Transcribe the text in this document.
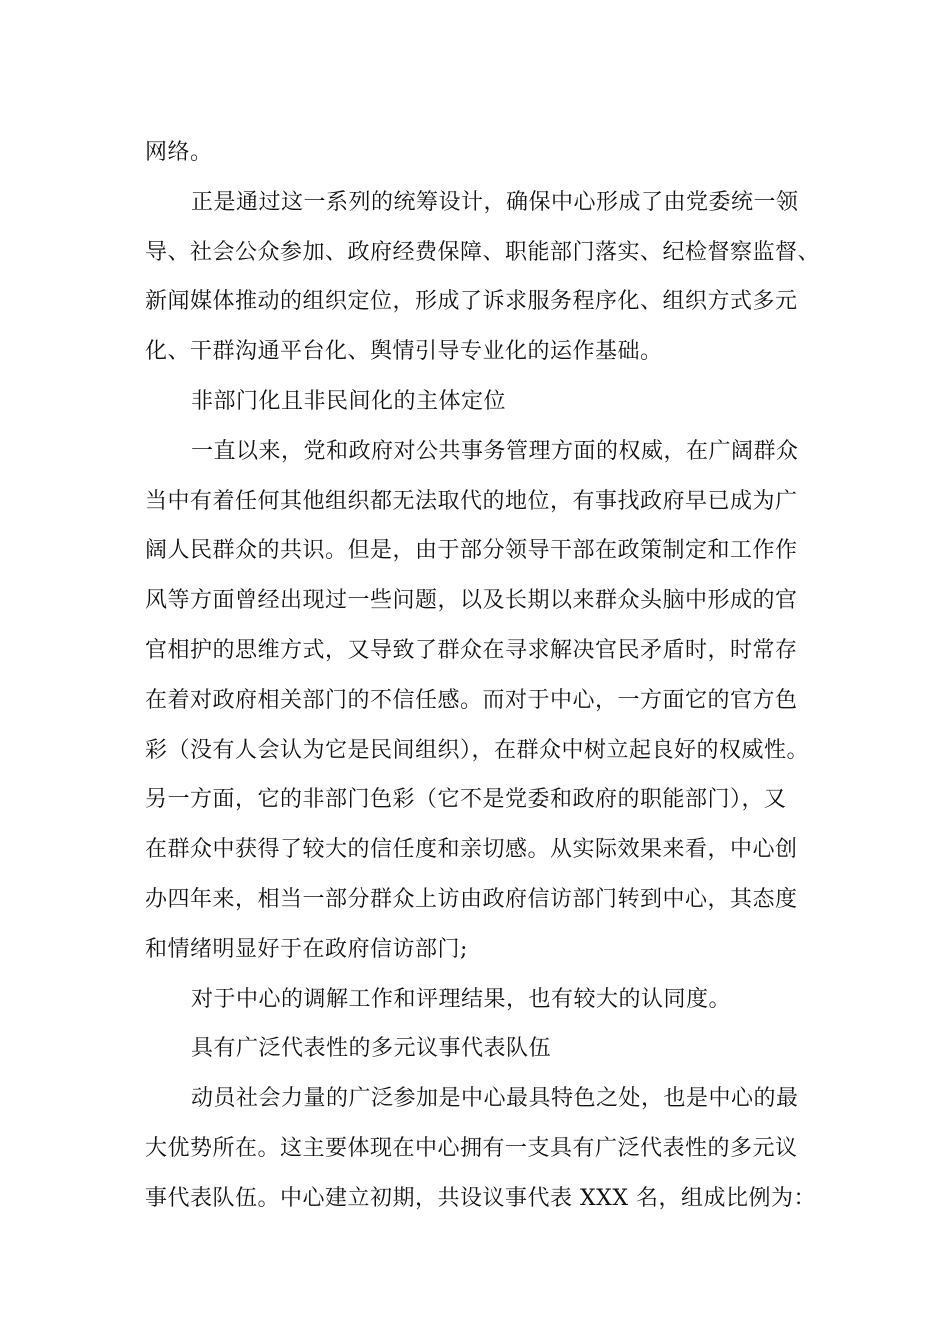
网络。
正是通过这一系列的统筹设计，确保中心形成了由党委统一领
导、社会公众参加、政府经费保障、职能部门落实、纪检督察监督、
新闻媒体推动的组织定位，形成了诉求服务程序化、组织方式多元
化、干群沟通平台化、舆情引导专业化的运作基础。
非部门化且非民间化的主体定位
一直以来，党和政府对公共事务管理方面的权威，在广阔群众
当中有着任何其他组织都无法取代的地位，有事找政府早已成为广
阔人民群众的共识。但是，由于部分领导干部在政策制定和工作作
风等方面曾经出现过一些问题，以及长期以来群众头脑中形成的官
官相护的思维方式，又导致了群众在寻求解决官民矛盾时，时常存
在着对政府相关部门的不信任感。而对于中心，一方面它的官方色
彩（没有人会认为它是民间组织），在群众中树立起良好的权威性。
另一方面，它的非部门色彩（它不是党委和政府的职能部门），又
在群众中获得了较大的信任度和亲切感。从实际效果来看，中心创
办四年来，相当一部分群众上访由政府信访部门转到中心，其态度
和情绪明显好于在政府信访部门;
对于中心的调解工作和评理结果，也有较大的认同度。
具有广泛代表性的多元议事代表队伍
动员社会力量的广泛参加是中心最具特色之处，也是中心的最
大优势所在。这主要体现在中心拥有一支具有广泛代表性的多元议
事代表队伍。中心建立初期，共设议事代表 XXX 名，组成比例为：
